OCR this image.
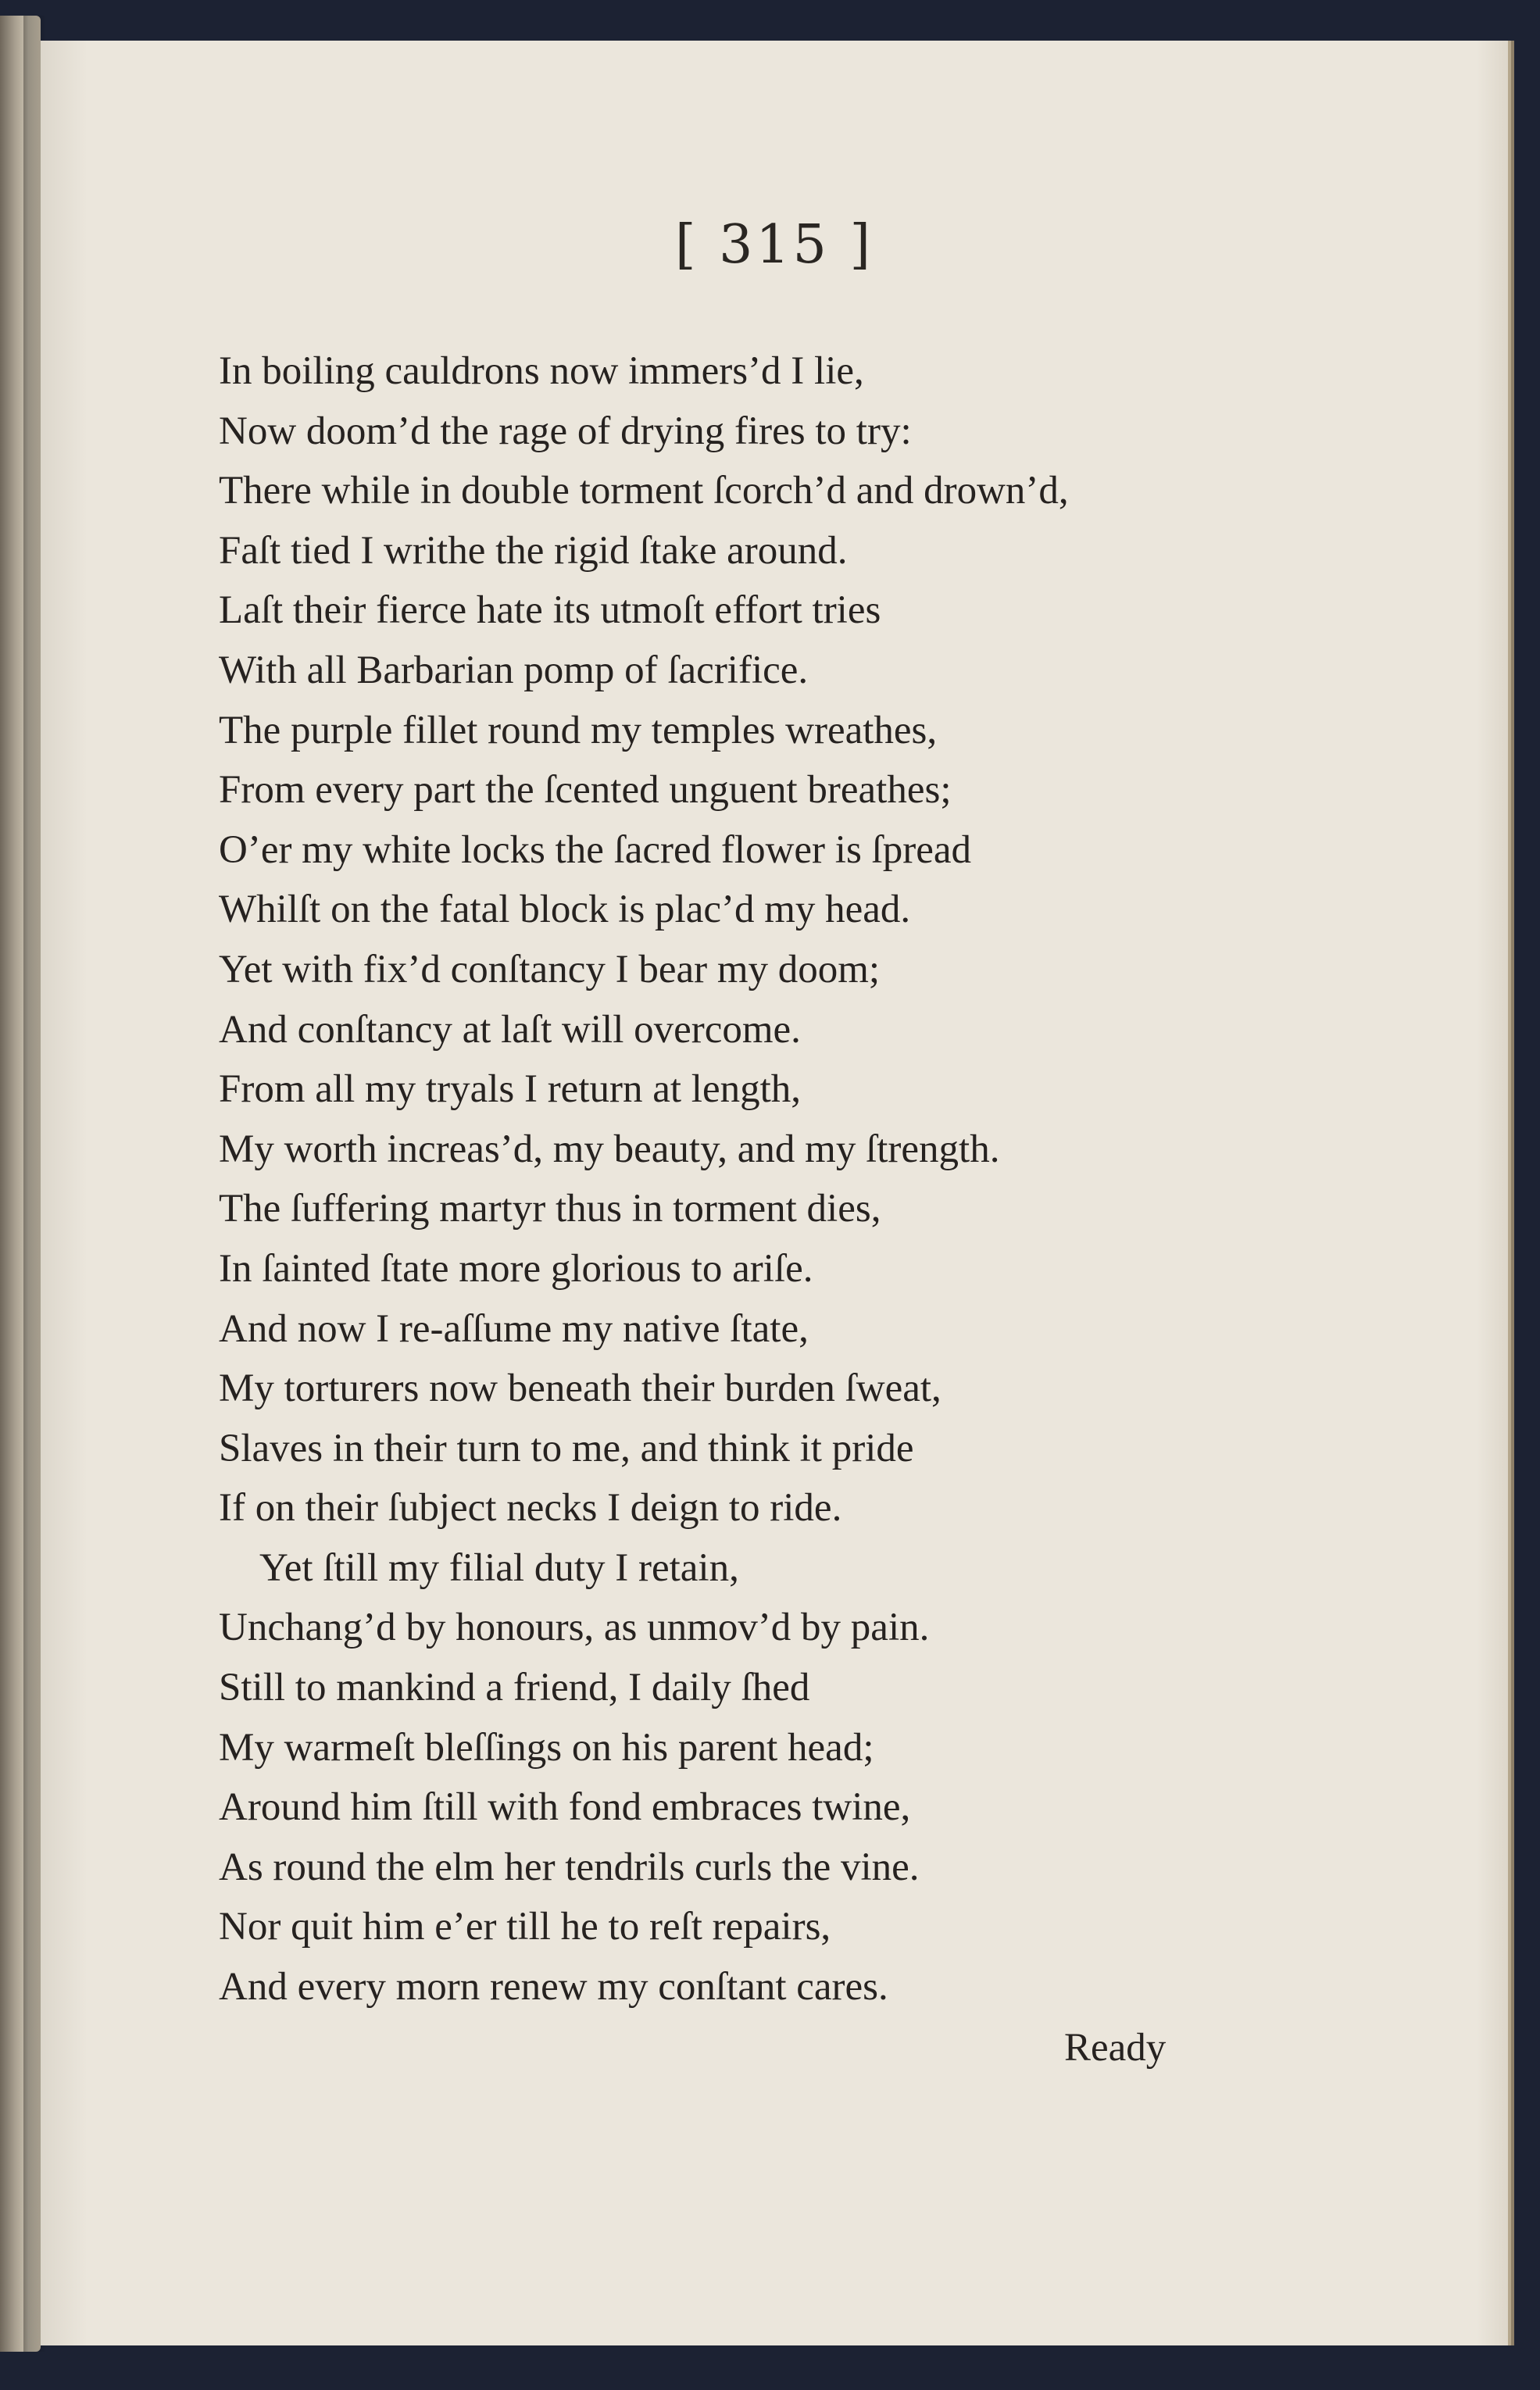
[ 315 ]
In boiling cauldrons now immers’d I lie,
Now doom’d the rage of drying fires to try:
There while in double torment ſcorch’d and drown’d,
Faſt tied I writhe the rigid ſtake around.
Laſt their fierce hate its utmoſt effort tries
With all Barbarian pomp of ſacrifice.
The purple fillet round my temples wreathes,
From every part the ſcented unguent breathes;
O’er my white locks the ſacred flower is ſpread
Whilſt on the fatal block is plac’d my head.
Yet with fix’d conſtancy I bear my doom;
And conſtancy at laſt will overcome.
From all my tryals I return at length,
My worth increas’d, my beauty, and my ſtrength.
The ſuffering martyr thus in torment dies,
In ſainted ſtate more glorious to ariſe.
And now I re-aſſume my native ſtate,
My torturers now beneath their burden ſweat,
Slaves in their turn to me, and think it pride
If on their ſubject necks I deign to ride.
Yet ſtill my filial duty I retain,
Unchang’d by honours, as unmov’d by pain.
Still to mankind a friend, I daily ſhed
My warmeſt bleſſings on his parent head;
Around him ſtill with fond embraces twine,
As round the elm her tendrils curls the vine.
Nor quit him e’er till he to reſt repairs,
And every morn renew my conſtant cares.
Ready
